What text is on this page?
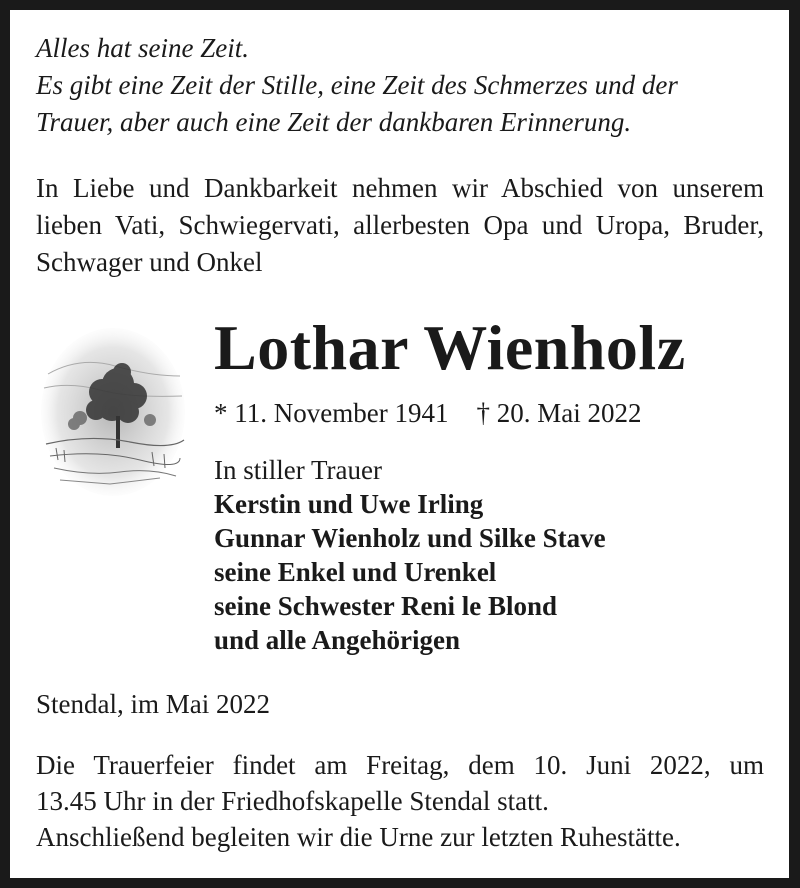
Alles hat seine Zeit.
Es gibt eine Zeit der Stille, eine Zeit des Schmerzes und der
Trauer, aber auch eine Zeit der dankbaren Erinnerung.
In Liebe und Dankbarkeit nehmen wir Abschied von unserem lieben Vati, Schwiegervati, allerbesten Opa und Uropa, Bruder, Schwager und Onkel
Lothar Wienholz
* 11. November 1941 † 20. Mai 2022
In stiller Trauer
Kerstin und Uwe Irling
Gunnar Wienholz und Silke Stave
seine Enkel und Urenkel
seine Schwester Reni le Blond
und alle Angehörigen
Stendal, im Mai 2022
Die Trauerfeier findet am Freitag, dem 10. Juni 2022, um
13.45 Uhr in der Friedhofskapelle Stendal statt.
Anschließend begleiten wir die Urne zur letzten Ruhestätte.
